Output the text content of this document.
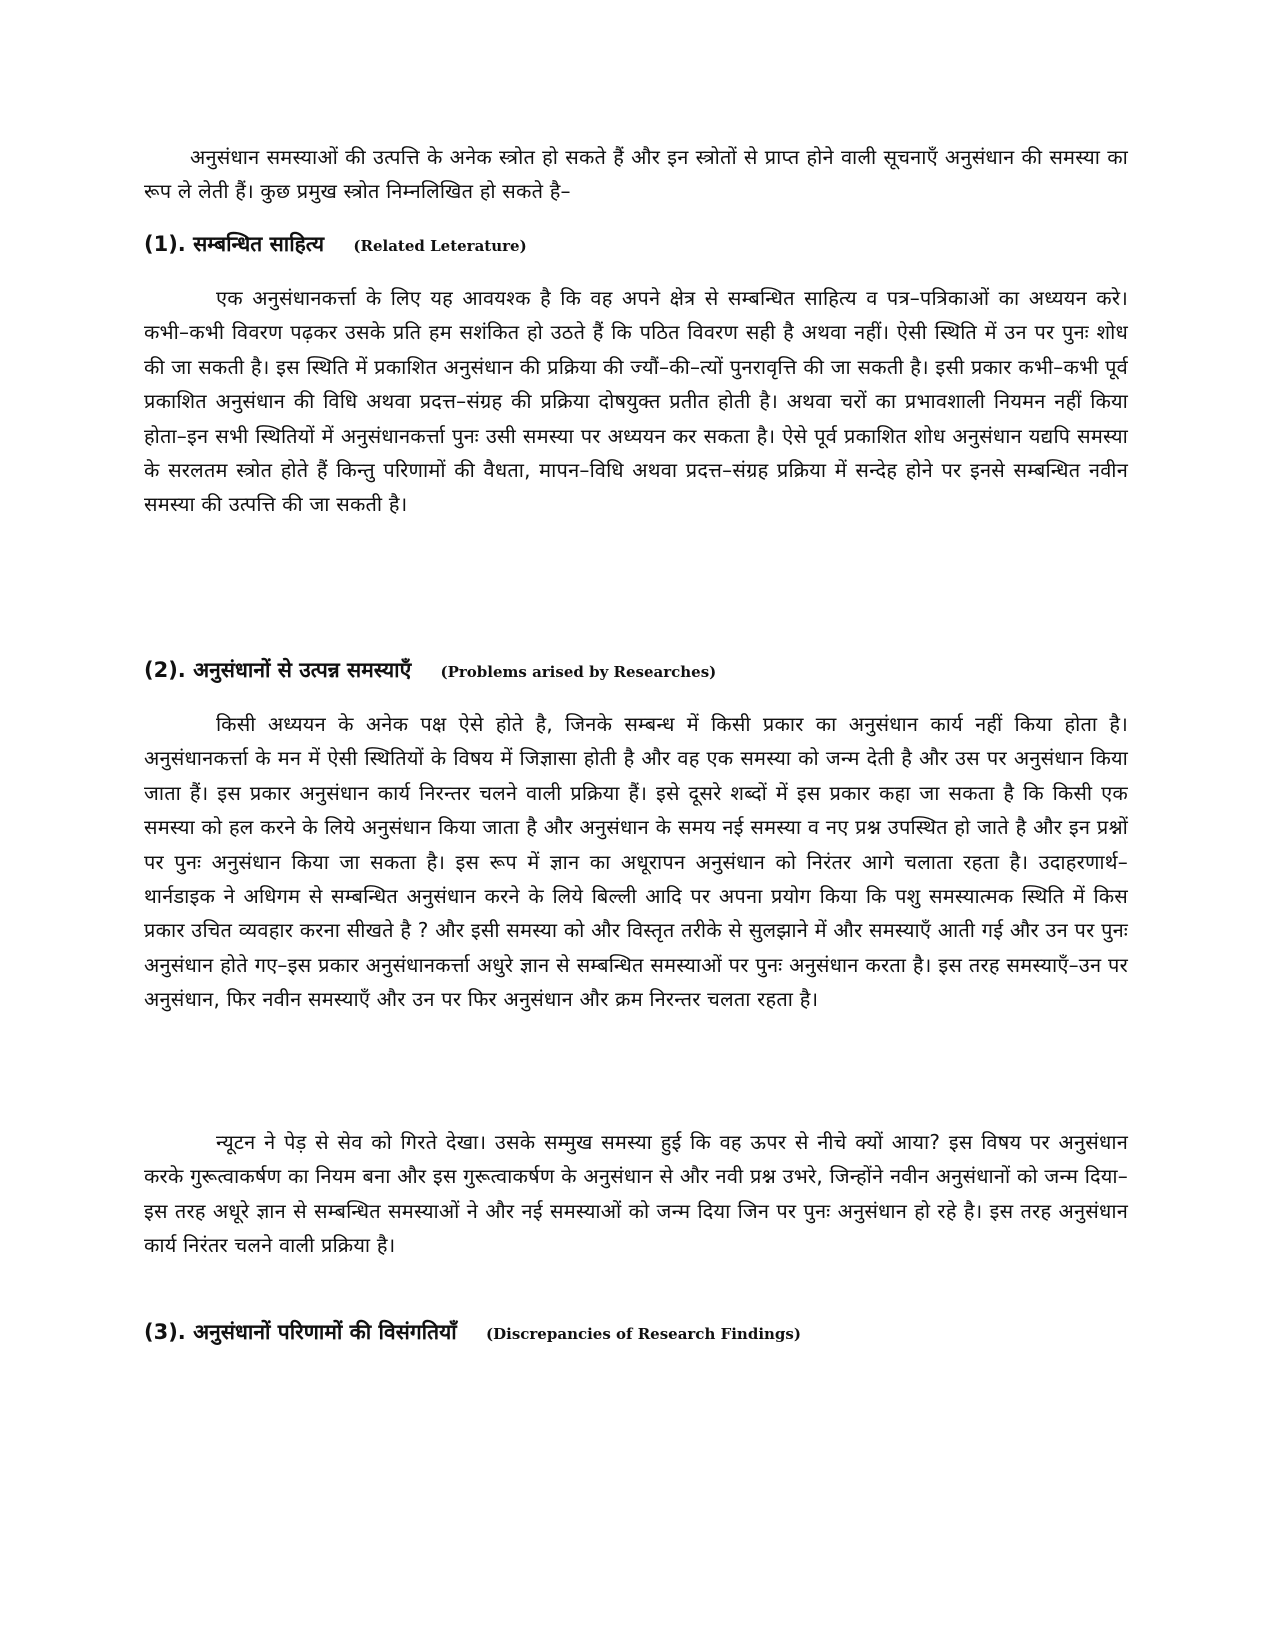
अनुसंधान समस्याओं की उत्पत्ति के अनेक स्त्रोत हो सकते हैं और इन स्त्रोतों से प्राप्त होने वाली सूचनाएँ अनुसंधान की समस्या का रूप ले लेती हैं। कुछ प्रमुख स्त्रोत निम्नलिखित हो सकते है–

(1). सम्बन्धित साहित्य (Related Leterature)

एक अनुसंधानकर्त्ता के लिए यह आवयश्क है कि वह अपने क्षेत्र से सम्बन्धित साहित्य व पत्र–पत्रिकाओं का अध्ययन करे। कभी–कभी विवरण पढ़कर उसके प्रति हम सशंकित हो उठते हैं कि पठित विवरण सही है अथवा नहीं। ऐसी स्थिति में उन पर पुनः शोध की जा सकती है। इस स्थिति में प्रकाशित अनुसंधान की प्रक्रिया की ज्यौं–की–त्यों पुनरावृत्ति की जा सकती है। इसी प्रकार कभी–कभी पूर्व प्रकाशित अनुसंधान की विधि अथवा प्रदत्त–संग्रह की प्रक्रिया दोषयुक्त प्रतीत होती है। अथवा चरों का प्रभावशाली नियमन नहीं किया होता–इन सभी स्थितियों में अनुसंधानकर्त्ता पुनः उसी समस्या पर अध्ययन कर सकता है। ऐसे पूर्व प्रकाशित शोध अनुसंधान यद्यपि समस्या के सरलतम स्त्रोत होते हैं किन्तु परिणामों की वैधता, मापन–विधि अथवा प्रदत्त–संग्रह प्रक्रिया में सन्देह होने पर इनसे सम्बन्धित नवीन समस्या की उत्पत्ति की जा सकती है।

(2). अनुसंधानों से उत्पन्न समस्याएँ (Problems arised by Researches)

किसी अध्ययन के अनेक पक्ष ऐसे होते है, जिनके सम्बन्ध में किसी प्रकार का अनुसंधान कार्य नहीं किया होता है। अनुसंधानकर्त्ता के मन में ऐसी स्थितियों के विषय में जिज्ञासा होती है और वह एक समस्या को जन्म देती है और उस पर अनुसंधान किया जाता हैं। इस प्रकार अनुसंधान कार्य निरन्तर चलने वाली प्रक्रिया हैं। इसे दूसरे शब्दों में इस प्रकार कहा जा सकता है कि किसी एक समस्या को हल करने के लिये अनुसंधान किया जाता है और अनुसंधान के समय नई समस्या व नए प्रश्न उपस्थित हो जाते है और इन प्रश्नों पर पुनः अनुसंधान किया जा सकता है। इस रूप में ज्ञान का अधूरापन अनुसंधान को निरंतर आगे चलाता रहता है। उदाहरणार्थ– थार्नडाइक ने अधिगम से सम्बन्धित अनुसंधान करने के लिये बिल्ली आदि पर अपना प्रयोग किया कि पशु समस्यात्मक स्थिति में किस प्रकार उचित व्यवहार करना सीखते है ? और इसी समस्या को और विस्तृत तरीके से सुलझाने में और समस्याएँ आती गई और उन पर पुनः अनुसंधान होते गए–इस प्रकार अनुसंधानकर्त्ता अधुरे ज्ञान से सम्बन्धित समस्याओं पर पुनः अनुसंधान करता है। इस तरह समस्याएँ–उन पर अनुसंधान, फिर नवीन समस्याएँ और उन पर फिर अनुसंधान और क्रम निरन्तर चलता रहता है।

न्यूटन ने पेड़ से सेव को गिरते देखा। उसके सम्मुख समस्या हुई कि वह ऊपर से नीचे क्यों आया? इस विषय पर अनुसंधान करके गुरूत्वाकर्षण का नियम बना और इस गुरूत्वाकर्षण के अनुसंधान से और नवी प्रश्न उभरे, जिन्होंने नवीन अनुसंधानों को जन्म दिया– इस तरह अधूरे ज्ञान से सम्बन्धित समस्याओं ने और नई समस्याओं को जन्म दिया जिन पर पुनः अनुसंधान हो रहे है। इस तरह अनुसंधान कार्य निरंतर चलने वाली प्रक्रिया है।

(3). अनुसंधानों परिणामों की विसंगतियाँ (Discrepancies of Research Findings)
